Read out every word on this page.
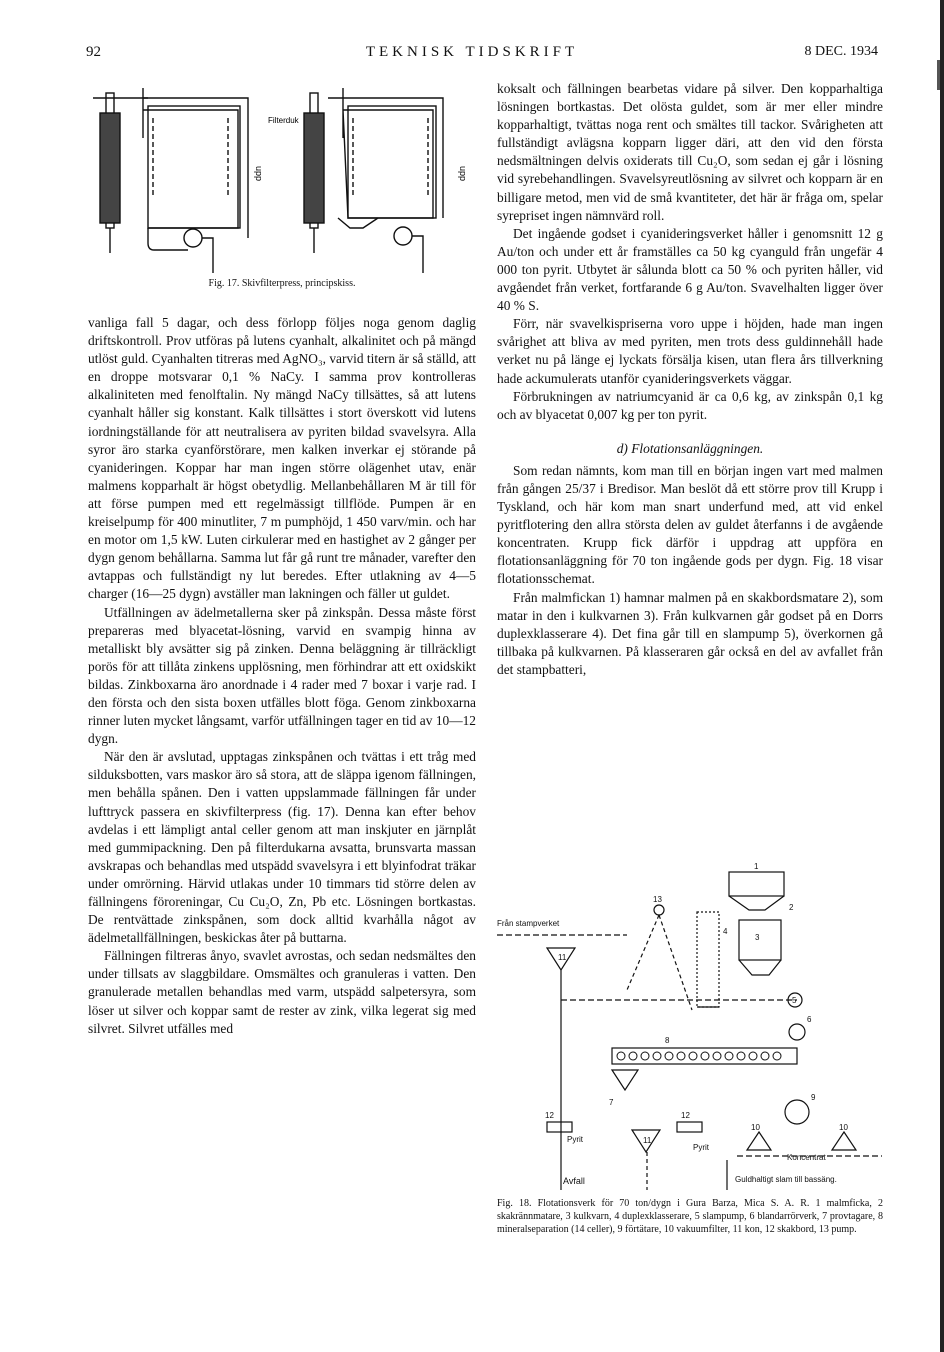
92	TEKNISK TIDSKRIFT	8 DEC. 1934
Filterduk
upp	upp
Fig. 17. Skivfilterpress, principskiss.

vanliga fall 5 dagar, och dess förlopp följes noga genom daglig driftskontroll. Prov utföras på lutens cyanhalt, alkalinitet och på mängd utlöst guld. Cyanhalten titreras med AgNO₃, varvid titern är så ställd, att en droppe motsvarar 0,1 % NaCy. I samma prov kontrolleras alkaliniteten med fenolftalin. Ny mängd NaCy tillsättes, så att lutens cyanhalt håller sig konstant. Kalk tillsättes i stort överskott vid lutens iordningställande för att neutralisera av pyriten bildad svavelsyra. Alla syror äro starka cyanförstörare, men kalken inverkar ej störande på cyanideringen. Koppar har man ingen större olägenhet utav, enär malmens kopparhalt är högst obetydlig. Mellanbehållaren M är till för att förse pumpen med ett regelmässigt tillflöde. Pumpen är en kreiselpump för 400 minutliter, 7 m pumphöjd, 1 450 varv/min. och har en motor om 1,5 kW. Luten cirkulerar med en hastighet av 2 gånger per dygn genom behållarna. Samma lut får gå runt tre månader, varefter den avtappas och fullständigt ny lut beredes. Efter utlakning av 4—5 charger (16—25 dygn) avställer man lakningen och fäller ut guldet.

Utfällningen av ädelmetallerna sker på zinkspån. Dessa måste först prepareras med blyacetat-lösning, varvid en svampig hinna av metalliskt bly avsätter sig på zinken. Denna beläggning är tillräckligt porös för att tillåta zinkens upplösning, men förhindrar att ett oxidskikt bildas. Zinkboxarna äro anordnade i 4 rader med 7 boxar i varje rad. I den första och den sista boxen utfälles blott föga. Genom zinkboxarna rinner luten mycket långsamt, varför utfällningen tager en tid av 10—12 dygn.

När den är avslutad, upptagas zinkspånen och tvättas i ett tråg med silduksbotten, vars maskor äro så stora, att de släppa igenom fällningen, men behålla spånen. Den i vatten uppslammade fällningen får under lufttryck passera en skivfilterpress (fig. 17). Denna kan efter behov avdelas i ett lämpligt antal celler genom att man inskjuter en järnplåt med gummipackning. Den på filterdukarna avsatta, brunsvarta massan avskrapas och behandlas med utspädd svavelsyra i ett blyinfodrat träkar under omrörning. Härvid utlakas under 10 timmars tid större delen av fällningens föroreningar, Cu Cu₂O, Zn, Pb etc. Lösningen bortkastas. De rentvättade zinkspånen, som dock alltid kvarhålla något av ädelmetallfällningen, beskickas åter på buttarna.

Fällningen filtreras ånyo, svavlet avrostas, och sedan nedsmältes den under tillsats av slaggbildare. Omsmältes och granuleras i vatten. Den granulerade metallen behandlas med varm, utspädd salpetersyra, som löser ut silver och koppar samt de rester av zink, vilka legerat sig med silvret. Silvret utfälles med

koksalt och fällningen bearbetas vidare på silver. Den kopparhaltiga lösningen bortkastas. Det olösta guldet, som är mer eller mindre kopparhaltigt, tvättas noga rent och smältes till tackor. Svårigheten att fullständigt avlägsna kopparn ligger däri, att den vid den första nedsmältningen delvis oxiderats till Cu₂O, som sedan ej går i lösning vid syrebehandlingen. Svavelsyreutlösning av silvret och kopparn är en billigare metod, men vid de små kvantiteter, det här är fråga om, spelar syrepriset ingen nämnvärd roll.

Det ingående godset i cyanideringsverket håller i genomsnitt 12 g Au/ton och under ett år framställes ca 50 kg cyanguld från ungefär 4 000 ton pyrit. Utbytet är sålunda blott ca 50 % och pyriten håller, vid avgåendet från verket, fortfarande 6 g Au/ton. Svavelhalten ligger över 40 % S.

Förr, när svavelkispriserna voro uppe i höjden, hade man ingen svårighet att bliva av med pyriten, men trots dess guldinnehåll hade verket nu på länge ej lyckats försälja kisen, utan flera års tillverkning hade ackumulerats utanför cyanideringsverkets väggar.

Förbrukningen av natriumcyanid är ca 0,6 kg, av zinkspån 0,1 kg och av blyacetat 0,007 kg per ton pyrit.

d) Flotationsanläggningen.

Som redan nämnts, kom man till en början ingen vart med malmen från gången 25/37 i Bredisor. Man beslöt då ett större prov till Krupp i Tyskland, och här kom man snart underfund med, att vid enkel pyritflotering den allra största delen av guldet återfanns i de avgående koncentraten. Krupp fick därför i uppdrag att uppföra en flotationsanläggning för 70 ton ingående gods per dygn. Fig. 18 visar flotationsschemat.

Från malmfickan 1) hamnar malmen på en skakbordsmatare 2), som matar in den i kulkvarnen 3). Från kulkvarnen går godset på en Dorrs duplexklasserare 4). Det fina går till en slampump 5), överkornen gå tillbaka på kulkvarnen. På klasseraren går också en del av avfallet från det stampbatteri,

Från stampverket
Avfall
Pyrit
Pyrit
Koncentrat
Guldhaltigt slam till bassäng.
1
2
3
4
5
6
7
8
9
10	10
11
11
12	12
13
Fig. 18. Flotationsverk för 70 ton/dygn i Gura Barza, Mica S. A. R. 1 malmficka, 2 skakrännmatare, 3 kulkvarn, 4 duplexklasserare, 5 slampump, 6 blandarrörverk, 7 provtagare, 8 mineralseparation (14 celler), 9 förtätare, 10 vakuumfilter, 11 kon, 12 skakbord, 13 pump.
